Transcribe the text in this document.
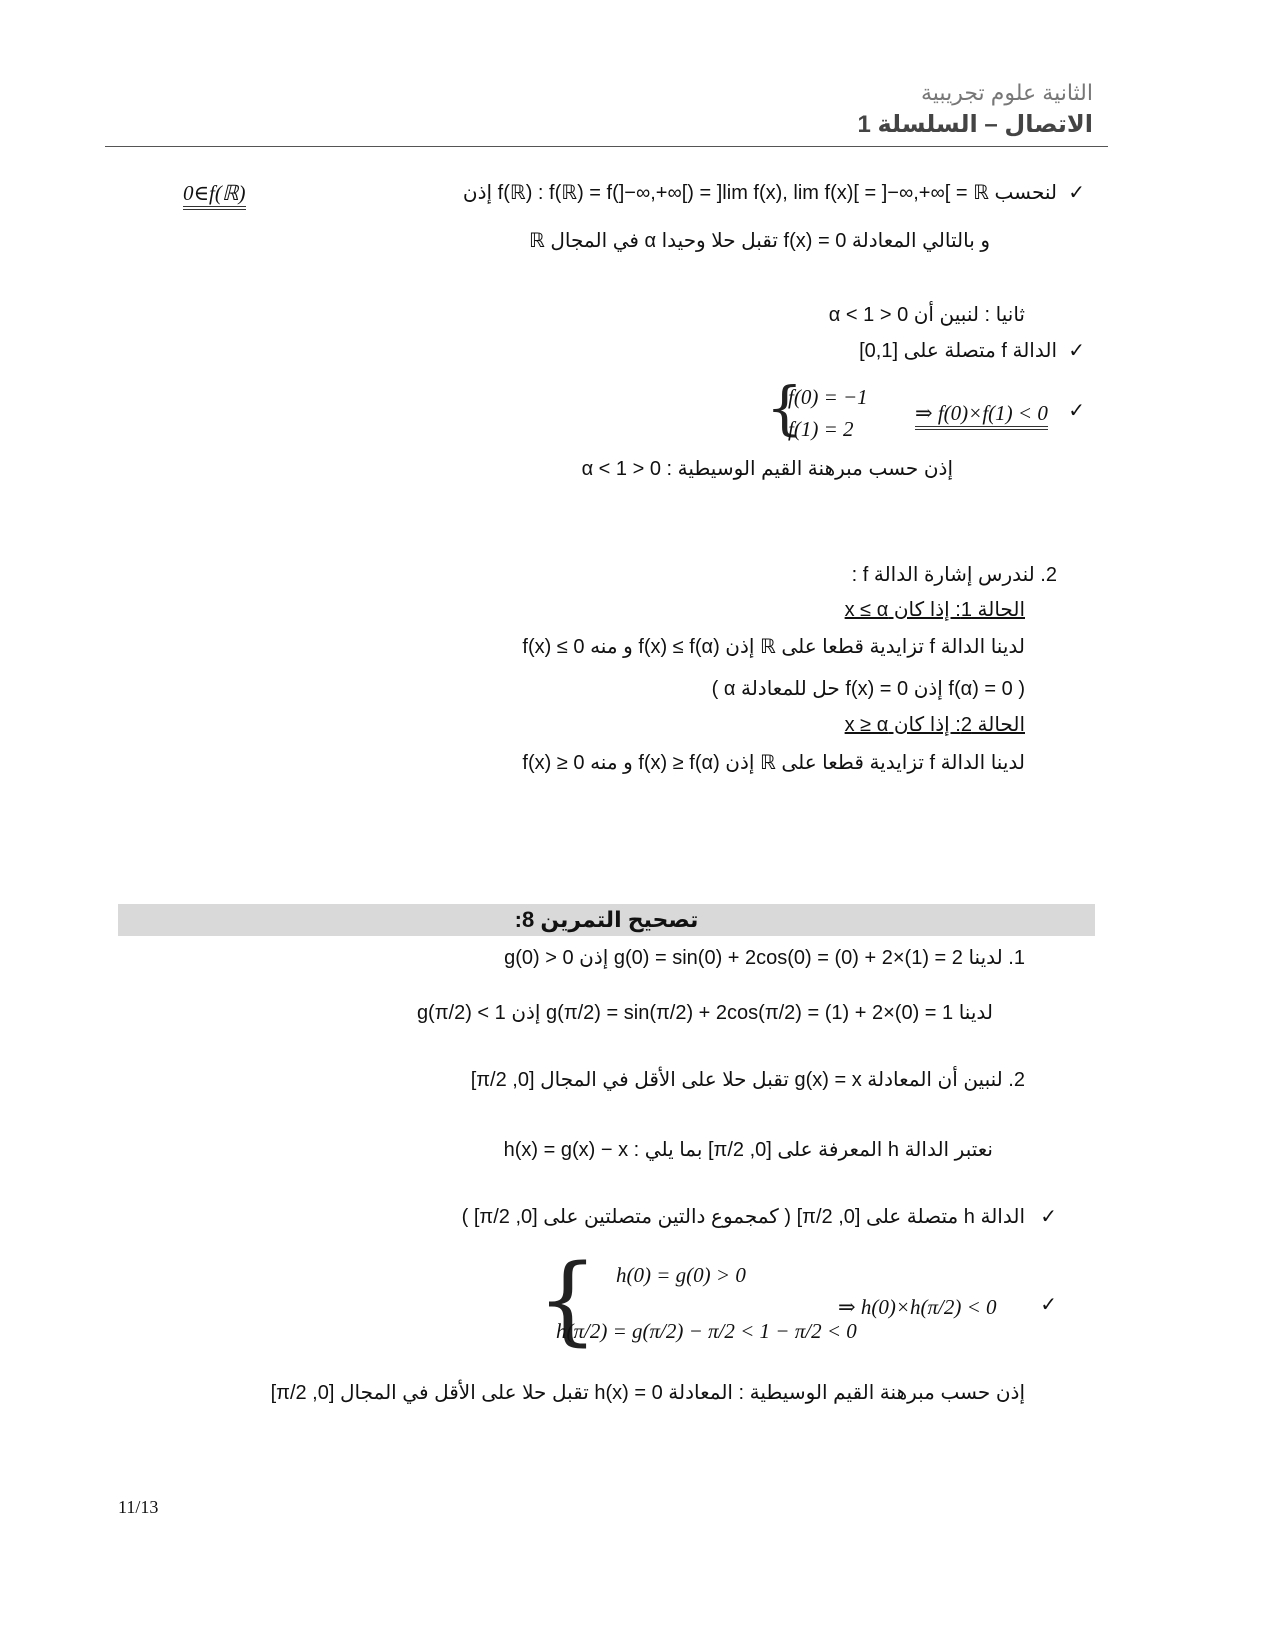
الثانية علوم تجريبية
الاتصال – السلسلة 1
✓
لنحسب f(ℝ) : f(ℝ) = f(]−∞,+∞[) = ]lim f(x), lim f(x)[ = ]−∞,+∞[ = ℝ إذن
0∈f(ℝ)
و بالتالي المعادلة f(x) = 0 تقبل حلا وحيدا α في المجال ℝ
ثانيا : لنبين أن 0 < α < 1
✓
الدالة f متصلة على [0,1]
✓
⇒ f(0)×f(1) < 0
{
f(0) = −1
f(1) = 2
إذن حسب مبرهنة القيم الوسيطية : 0 < α < 1
2. لندرس إشارة الدالة f :
الحالة 1: إذا كان x ≤ α
لدينا الدالة f تزايدية قطعا على ℝ إذن f(x) ≤ f(α) و منه f(x) ≤ 0
( α حل للمعادلة f(x) = 0 إذن f(α) = 0 )
الحالة 2: إذا كان x ≥ α
لدينا الدالة f تزايدية قطعا على ℝ إذن f(x) ≥ f(α) و منه f(x) ≥ 0
تصحيح التمرين 8:
1. لدينا g(0) = sin(0) + 2cos(0) = (0) + 2×(1) = 2 إذن g(0) > 0
لدينا g(π/2) = sin(π/2) + 2cos(π/2) = (1) + 2×(0) = 1 إذن g(π/2) < 1
2. لنبين أن المعادلة g(x) = x تقبل حلا على الأقل في المجال [0, π/2]
نعتبر الدالة h المعرفة على [0, π/2] بما يلي : h(x) = g(x) − x
✓
الدالة h متصلة على [0, π/2] ( كمجموع دالتين متصلتين على [0, π/2] )
✓
⇒ h(0)×h(π/2) < 0
{ h(0) = g(0) > 0
h(π/2) = g(π/2) − π/2 < 1 − π/2 < 0
إذن حسب مبرهنة القيم الوسيطية : المعادلة h(x) = 0 تقبل حلا على الأقل في المجال [0, π/2]
11/13
